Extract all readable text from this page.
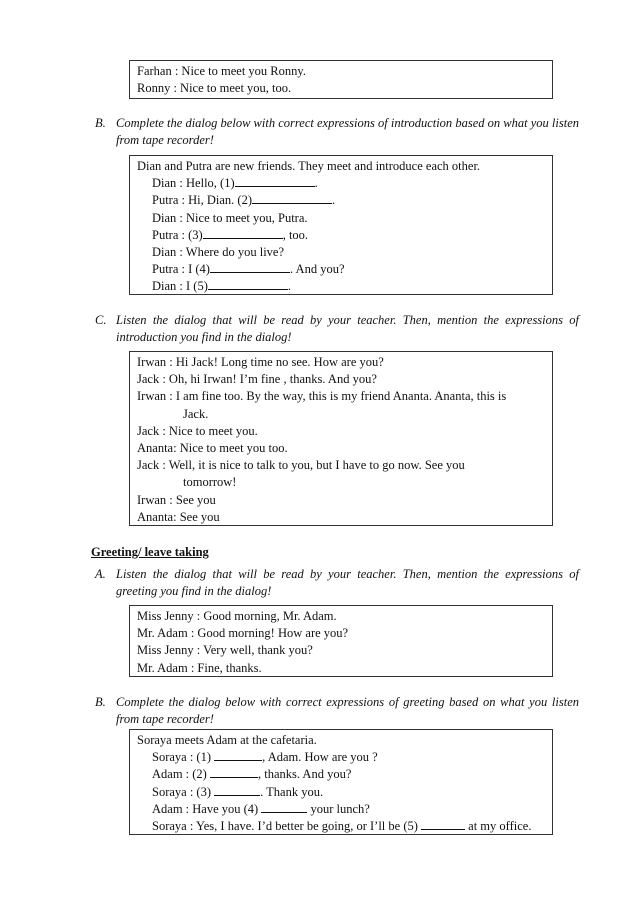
Farhan : Nice to meet you Ronny.
Ronny : Nice to meet you, too.
B. Complete the dialog below with correct expressions of introduction based on what you listen from tape recorder!
Dian and Putra are new friends. They meet and introduce each other.
Dian : Hello, (1)	.
Putra : Hi, Dian. (2)	.
Dian : Nice to meet you, Putra.
Putra : (3)	, too.
Dian : Where do you live?
Putra : I (4)	. And you?
Dian : I (5)	.
C. Listen the dialog that will be read by your teacher. Then, mention the expressions of introduction you find in the dialog!
Irwan : Hi Jack! Long time no see. How are you?
Jack : Oh, hi Irwan! I’m fine , thanks. And you?
Irwan : I am fine too. By the way, this is my friend Ananta. Ananta, this is
Jack.
Jack : Nice to meet you.
Ananta: Nice to meet you too.
Jack : Well, it is nice to talk to you, but I have to go now. See you
tomorrow!
Irwan : See you
Ananta: See you
Greeting/ leave taking
A. Listen the dialog that will be read by your teacher. Then, mention the expressions of greeting you find in the dialog!
Miss Jenny : Good morning, Mr. Adam.
Mr. Adam : Good morning! How are you?
Miss Jenny : Very well, thank you?
Mr. Adam : Fine, thanks.
B. Complete the dialog below with correct expressions of greeting based on what you listen from tape recorder!
Soraya meets Adam at the cafetaria.
Soraya : (1)	, Adam. How are you ?
Adam : (2)	, thanks. And you?
Soraya : (3)	. Thank you.
Adam : Have you (4)	your lunch?
Soraya : Yes, I have. I’d better be going, or I’ll be (5)	at my office.
